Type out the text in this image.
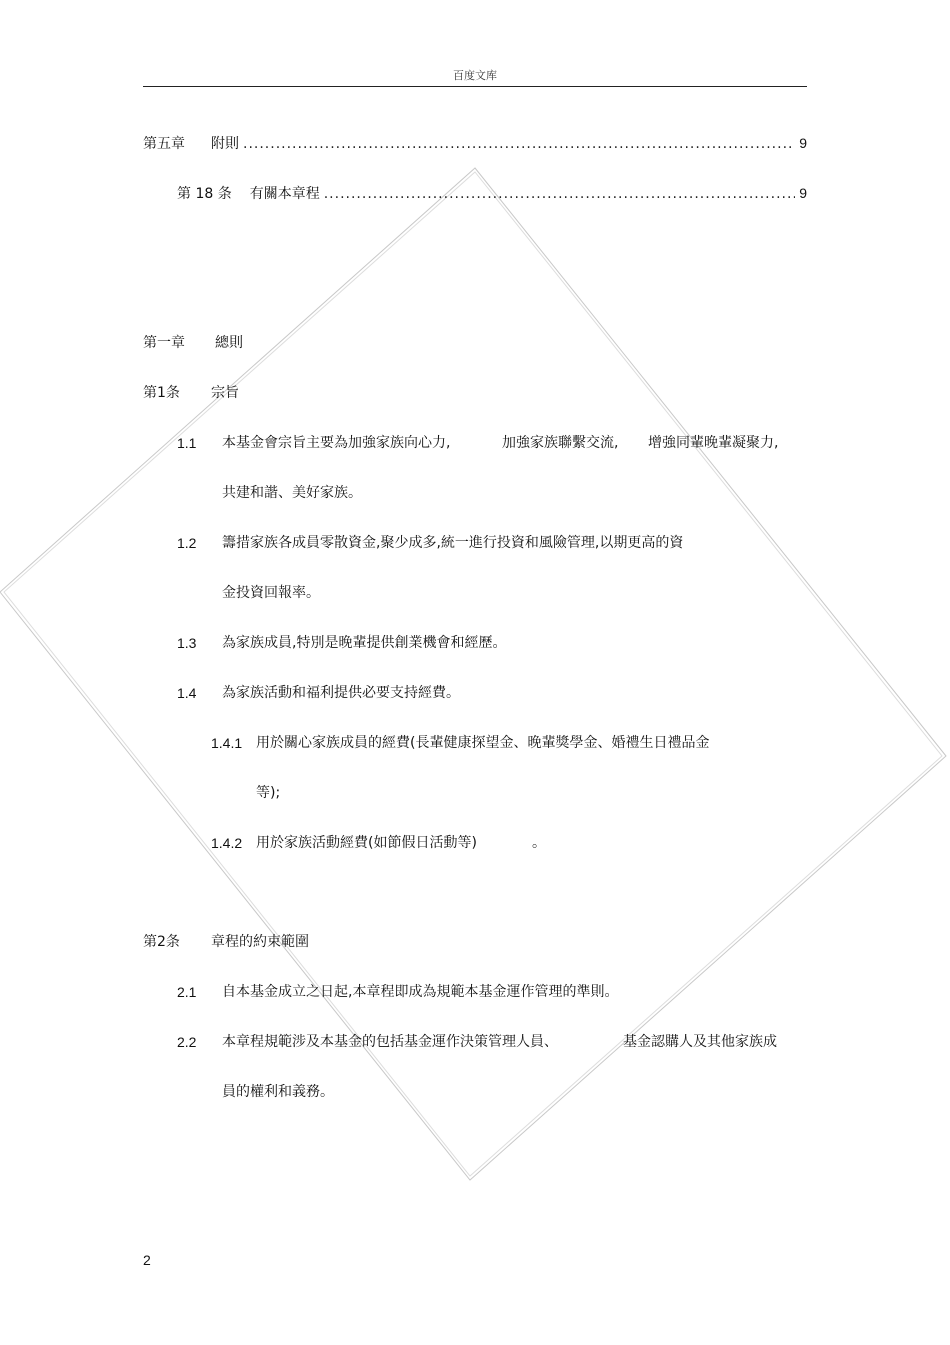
百度文库
第五章 附則 .....	9
第 18 条 有關本章程 .....	9
第一章 總則
第1条 宗旨
1.1 本基金會宗旨主要為加強家族向心力,	加強家族聯繫交流, 增強同輩晚輩凝聚力,
共建和諧、美好家族。
1.2 籌措家族各成員零散資金,聚少成多,統一進行投資和風險管理,以期更高的資
金投資回報率。
1.3 為家族成員,特別是晚輩提供創業機會和經歷。
1.4 為家族活動和福利提供必要支持經費。
1.4.1 用於關心家族成員的經費(長輩健康探望金、晚輩獎學金、婚禮生日禮品金
等);
1.4.2 用於家族活動經費(如節假日活動等)	。
第2条 章程的約束範圍
2.1 自本基金成立之日起,本章程即成為規範本基金運作管理的準則。
2.2 本章程規範涉及本基金的包括基金運作決策管理人員、	基金認購人及其他家族成
員的權利和義務。
2
